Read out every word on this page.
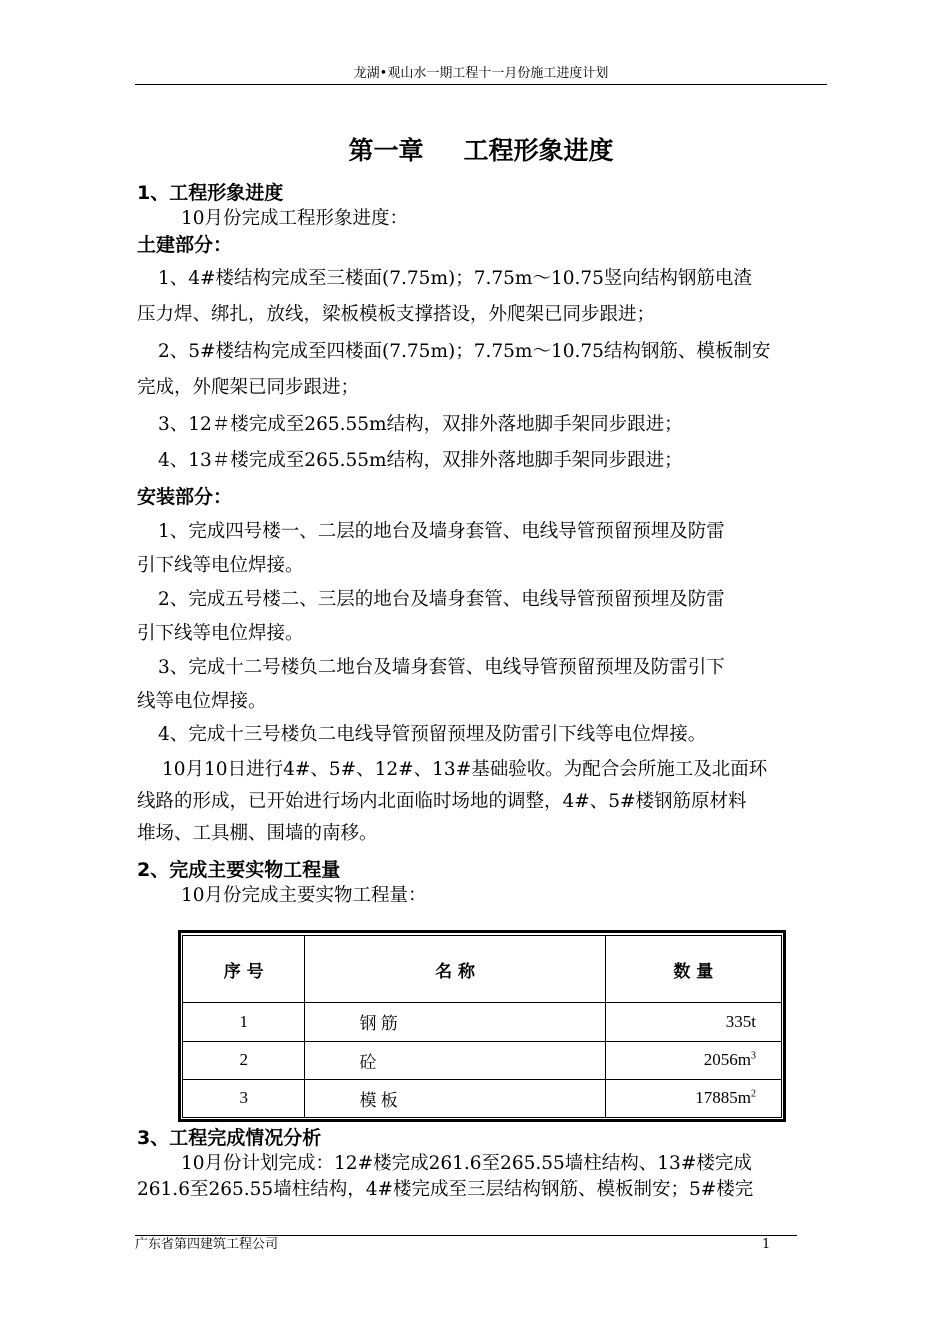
龙湖•观山水一期工程十一月份施工进度计划
第一章 工程形象进度
1、工程形象进度
10月份完成工程形象进度：
土建部分：
1、4#楼结构完成至三楼面(7.75m)；7.75m～10.75竖向结构钢筋电渣
压力焊、绑扎，放线，梁板模板支撑搭设，外爬架已同步跟进；
2、5#楼结构完成至四楼面(7.75m)；7.75m～10.75结构钢筋、模板制安
完成，外爬架已同步跟进；
3、12＃楼完成至265.55m结构，双排外落地脚手架同步跟进；
4、13＃楼完成至265.55m结构，双排外落地脚手架同步跟进；
安装部分：
1、完成四号楼一、二层的地台及墙身套管、电线导管预留预埋及防雷
引下线等电位焊接。
2、完成五号楼二、三层的地台及墙身套管、电线导管预留预埋及防雷
引下线等电位焊接。
3、完成十二号楼负二地台及墙身套管、电线导管预留预埋及防雷引下
线等电位焊接。
4、完成十三号楼负二电线导管预留预埋及防雷引下线等电位焊接。
10月10日进行4#、5#、12#、13#基础验收。为配合会所施工及北面环
线路的形成，已开始进行场内北面临时场地的调整，4#、5#楼钢筋原材料
堆场、工具棚、围墙的南移。
2、完成主要实物工程量
10月份完成主要实物工程量：
序 号	名 称	数 量
1	钢 筋	335t
2	砼	$2056m^3$
3	模 板	$17885m^2$
3、工程完成情况分析
10月份计划完成：12#楼完成261.6至265.55墙柱结构、13#楼完成
261.6至265.55墙柱结构，4#楼完成至三层结构钢筋、模板制安；5#楼完
广东省第四建筑工程公司	1
